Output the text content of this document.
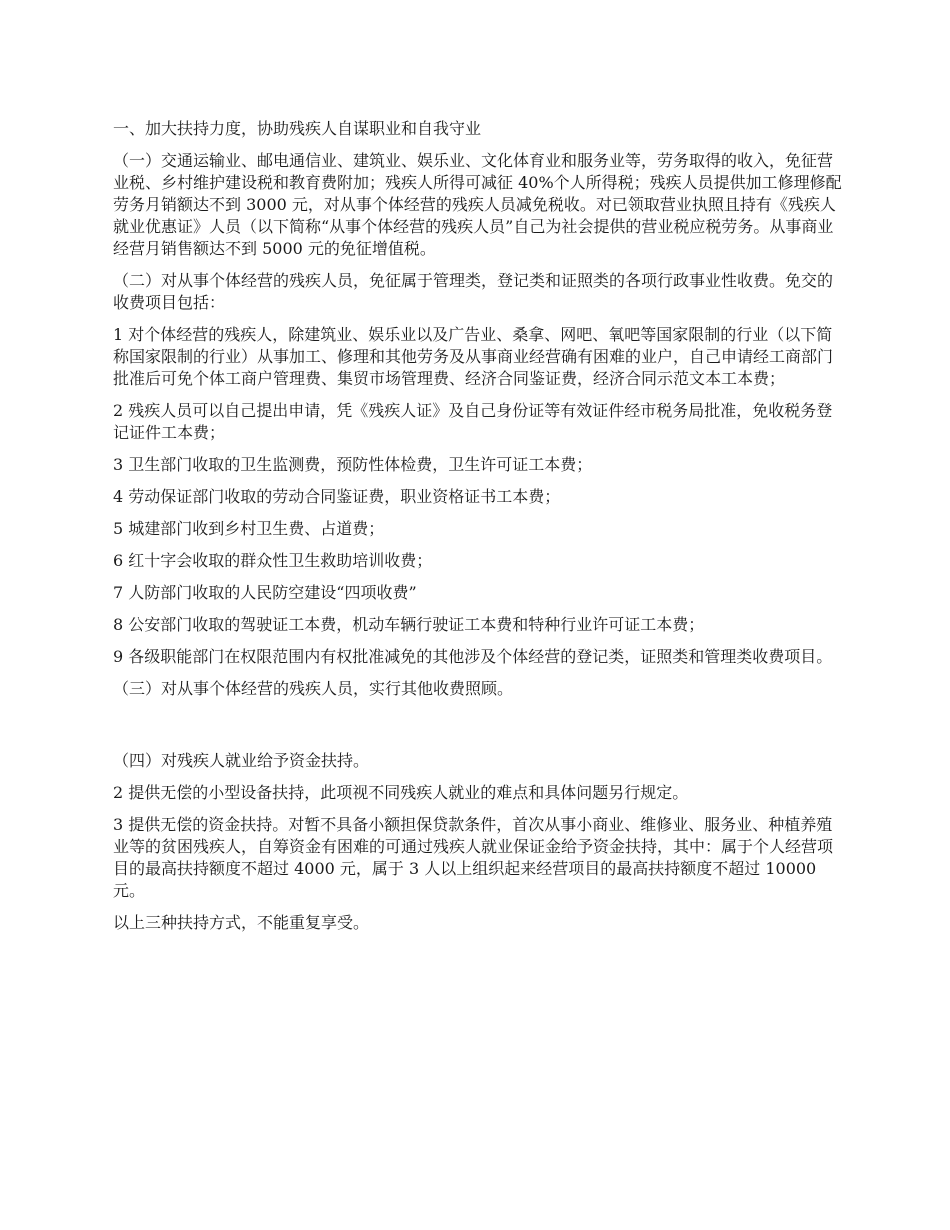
一、加大扶持力度，协助残疾人自谋职业和自我守业

（一）交通运输业、邮电通信业、建筑业、娱乐业、文化体育业和服务业等，劳务取得的收入，免征营业税、乡村维护建设税和教育费附加；残疾人所得可减征 40%个人所得税；残疾人员提供加工修理修配劳务月销额达不到 3000 元，对从事个体经营的残疾人员减免税收。对已领取营业执照且持有《残疾人就业优惠证》人员（以下简称“从事个体经营的残疾人员”自己为社会提供的营业税应税劳务。从事商业经营月销售额达不到 5000 元的免征增值税。

（二）对从事个体经营的残疾人员，免征属于管理类，登记类和证照类的各项行政事业性收费。免交的收费项目包括：

1 对个体经营的残疾人，除建筑业、娱乐业以及广告业、桑拿、网吧、氧吧等国家限制的行业（以下简称国家限制的行业）从事加工、修理和其他劳务及从事商业经营确有困难的业户，自己申请经工商部门批准后可免个体工商户管理费、集贸市场管理费、经济合同鉴证费，经济合同示范文本工本费；

2 残疾人员可以自己提出申请，凭《残疾人证》及自己身份证等有效证件经市税务局批准，免收税务登记证件工本费；

3 卫生部门收取的卫生监测费，预防性体检费，卫生许可证工本费；

4 劳动保证部门收取的劳动合同鉴证费，职业资格证书工本费；

5 城建部门收到乡村卫生费、占道费；

6 红十字会收取的群众性卫生救助培训收费；

7 人防部门收取的人民防空建设“四项收费”

8 公安部门收取的驾驶证工本费，机动车辆行驶证工本费和特种行业许可证工本费；

9 各级职能部门在权限范围内有权批准减免的其他涉及个体经营的登记类，证照类和管理类收费项目。

（三）对从事个体经营的残疾人员，实行其他收费照顾。

（四）对残疾人就业给予资金扶持。

2 提供无偿的小型设备扶持，此项视不同残疾人就业的难点和具体问题另行规定。

3 提供无偿的资金扶持。对暂不具备小额担保贷款条件，首次从事小商业、维修业、服务业、种植养殖业等的贫困残疾人，自筹资金有困难的可通过残疾人就业保证金给予资金扶持，其中：属于个人经营项目的最高扶持额度不超过 4000 元，属于 3 人以上组织起来经营项目的最高扶持额度不超过 10000 元。

以上三种扶持方式，不能重复享受。
